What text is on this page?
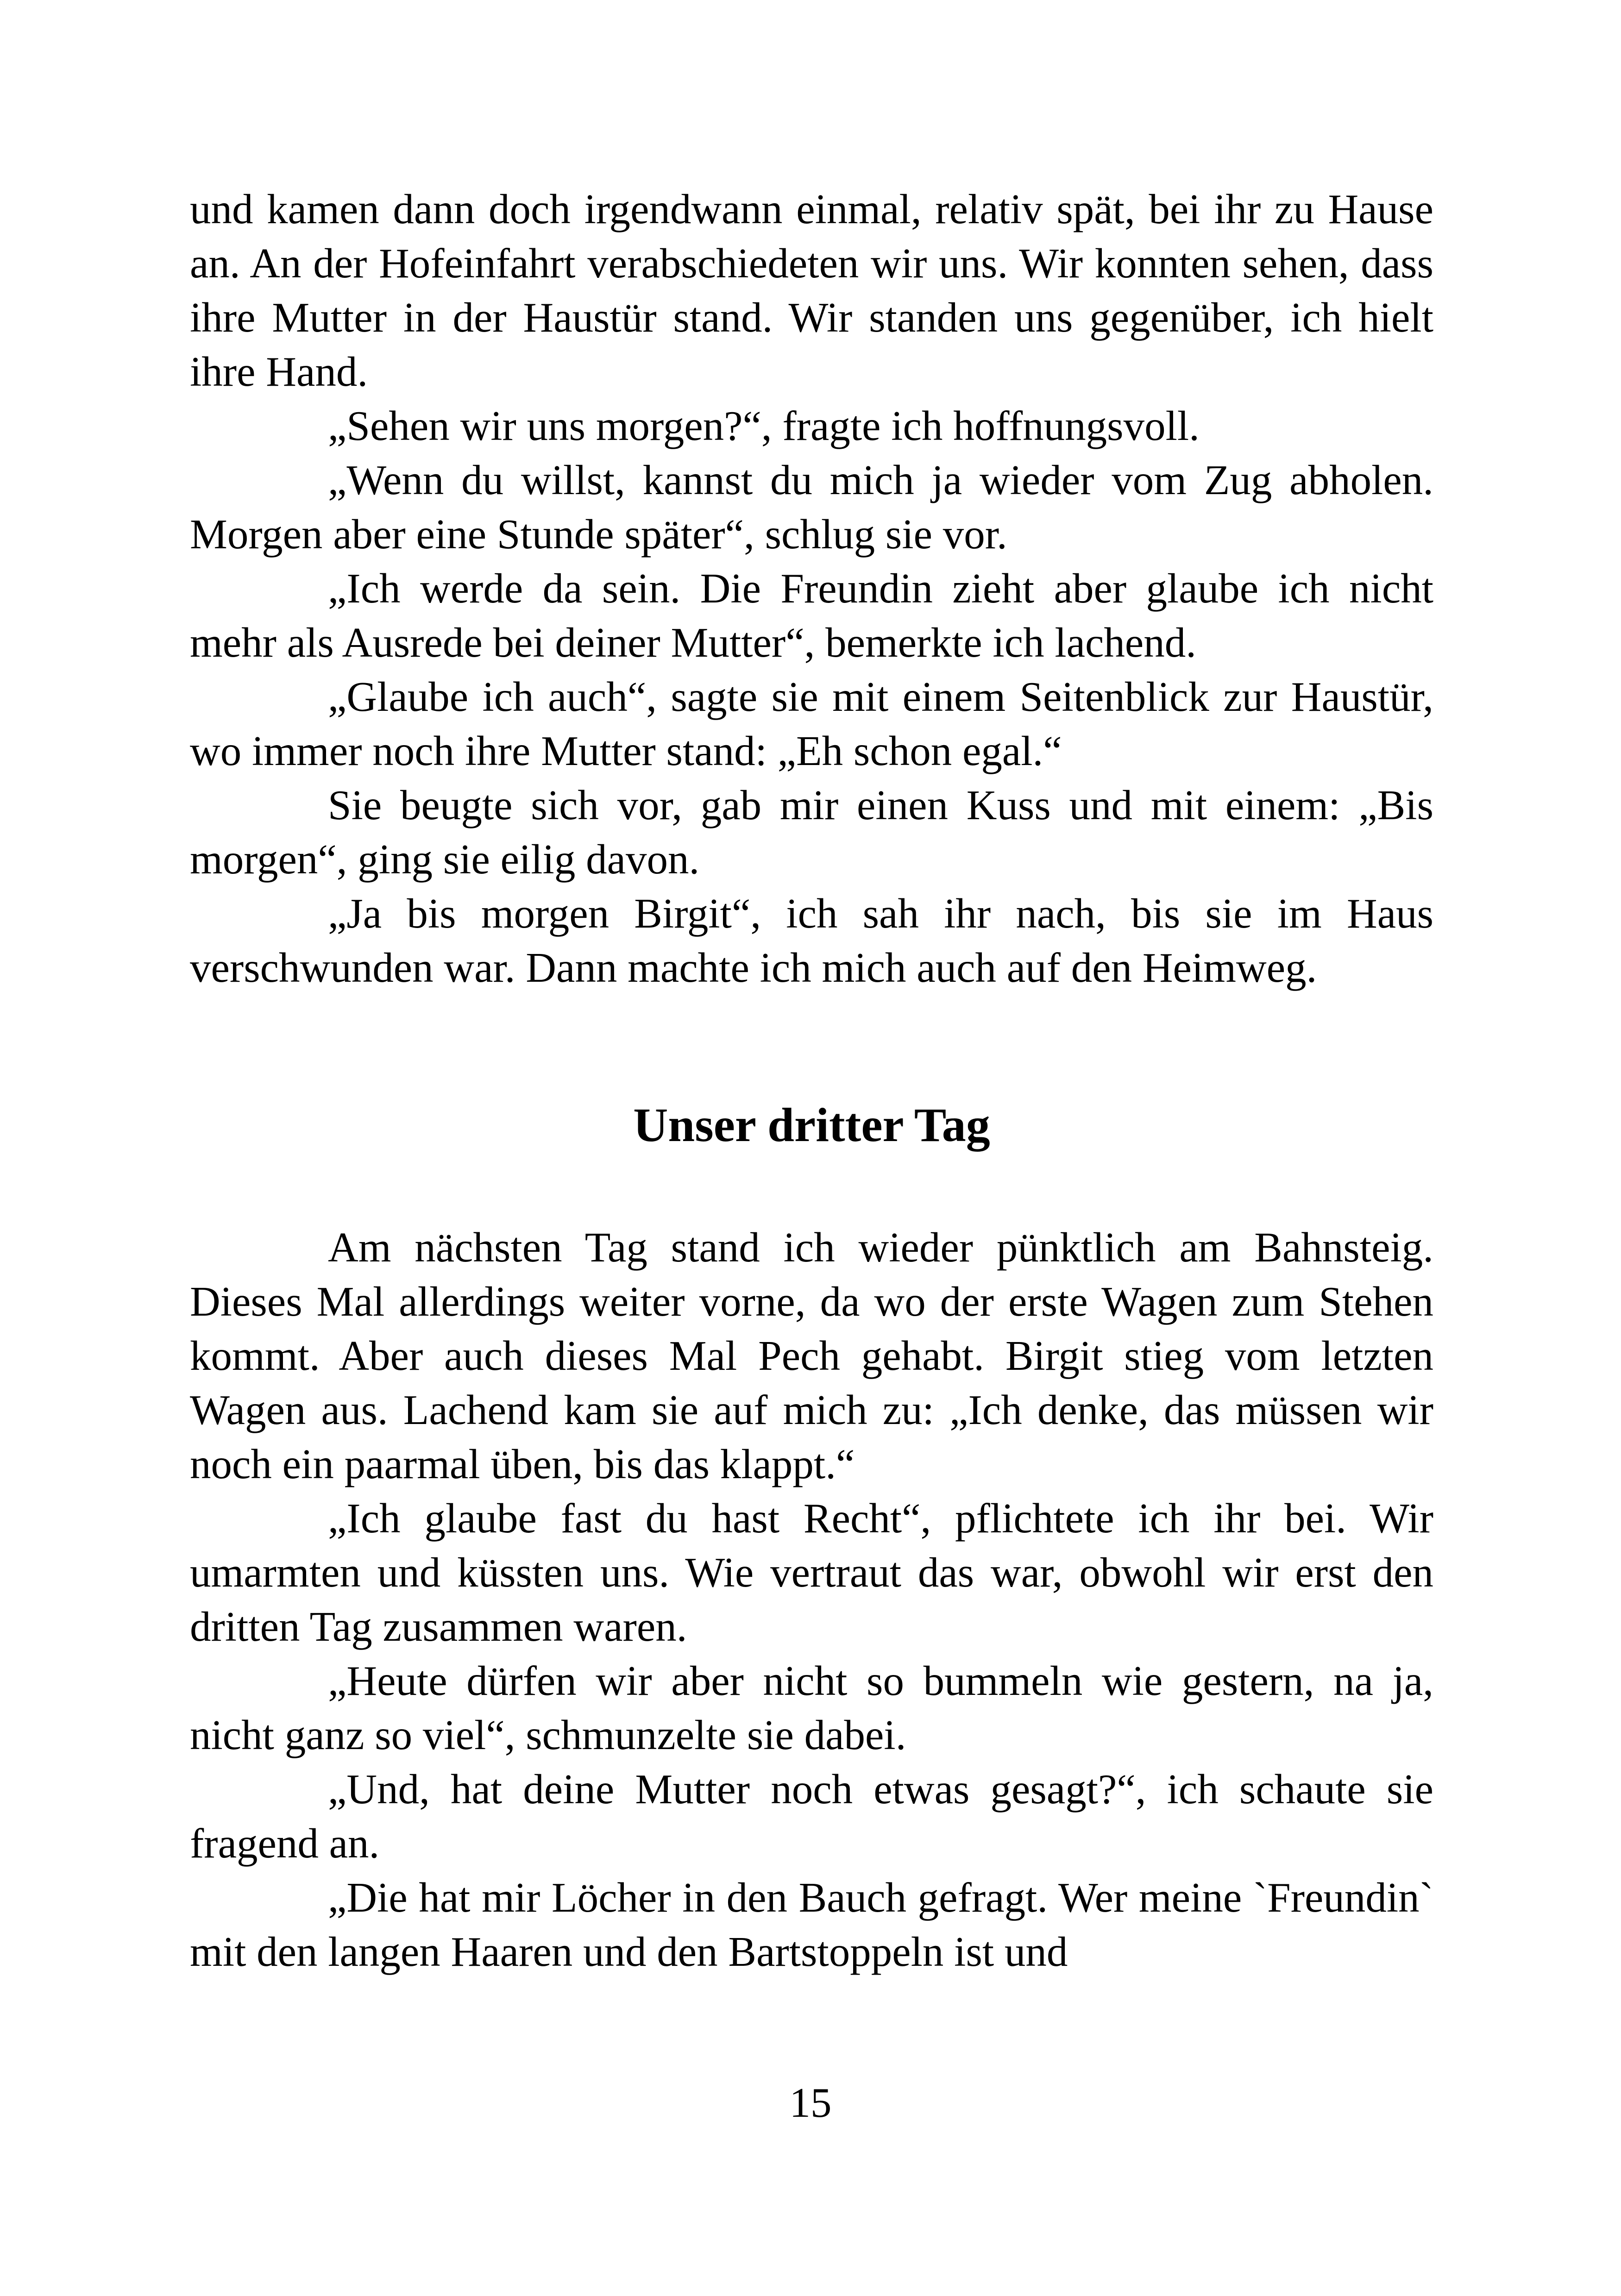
und kamen dann doch irgendwann einmal, relativ spät, bei ihr zu Hause an. An der Hofeinfahrt verabschiedeten wir uns. Wir konnten sehen, dass ihre Mutter in der Haustür stand. Wir standen uns gegenüber, ich hielt ihre Hand.

„Sehen wir uns morgen?“, fragte ich hoffnungsvoll.

„Wenn du willst, kannst du mich ja wieder vom Zug abholen. Morgen aber eine Stunde später“, schlug sie vor.

„Ich werde da sein. Die Freundin zieht aber glaube ich nicht mehr als Ausrede bei deiner Mutter“, bemerkte ich lachend.

„Glaube ich auch“, sagte sie mit einem Seitenblick zur Haustür, wo immer noch ihre Mutter stand: „Eh schon egal.“

Sie beugte sich vor, gab mir einen Kuss und mit einem: „Bis morgen“, ging sie eilig davon.

„Ja bis morgen Birgit“, ich sah ihr nach, bis sie im Haus verschwunden war. Dann machte ich mich auch auf den Heimweg.

Unser dritter Tag

Am nächsten Tag stand ich wieder pünktlich am Bahnsteig. Dieses Mal allerdings weiter vorne, da wo der erste Wagen zum Stehen kommt. Aber auch dieses Mal Pech gehabt. Birgit stieg vom letzten Wagen aus. Lachend kam sie auf mich zu: „Ich denke, das müssen wir noch ein paarmal üben, bis das klappt.“

„Ich glaube fast du hast Recht“, pflichtete ich ihr bei. Wir umarmten und küssten uns. Wie vertraut das war, obwohl wir erst den dritten Tag zusammen waren.

„Heute dürfen wir aber nicht so bummeln wie gestern, na ja, nicht ganz so viel“, schmunzelte sie dabei.

„Und, hat deine Mutter noch etwas gesagt?“, ich schaute sie fragend an.

„Die hat mir Löcher in den Bauch gefragt. Wer meine `Freundin` mit den langen Haaren und den Bartstoppeln ist und

15
